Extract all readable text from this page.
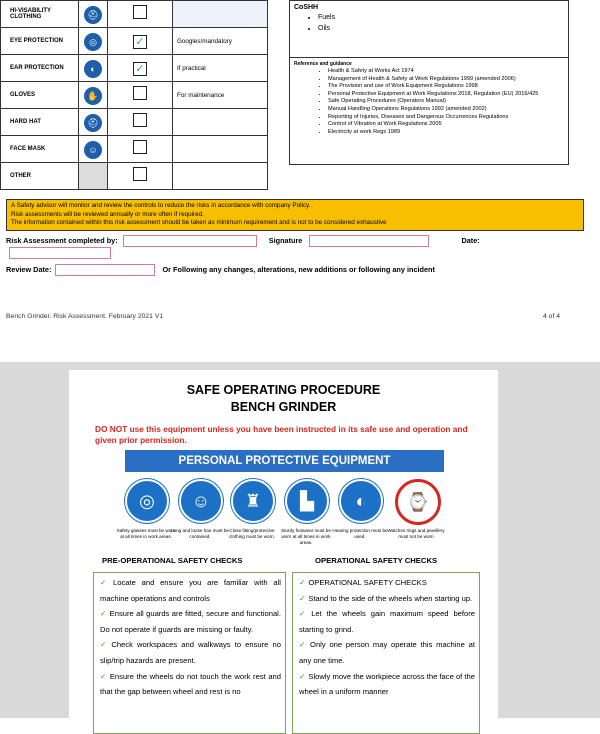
HI-VISABILITY CLOTHING	⛑		
EYE PROTECTION	◎	✓	Googles/mandatory
EAR PROTECTION	◐	✓	If practical
GLOVES	✋		For maintenance
HARD HAT	⛑		
FACE MASK	☺		
OTHER			
CoSHH
• Fuels
• Oils
Reference and guidance
• Health & Safety at Works Act 1974
• Management of Health & Safety at Work Regulations 1999 (amended 2006)
• The Provision and use of Work Equipment Regulations 1998
• Personal Protective Equipment at Work Regulations 2018, Regulation (EU) 2016/425
• Safe Operating Procedures (Operators Manual)
• Manual Handling Operations Regulations 1992 (amended 2002)
• Reporting of Injuries, Diseases and Dangerous Occurrences Regulations
• Control of Vibration at Work Regulations 2005
• Electricity at work Regs 1989
A Safety advisor will monitor and review the controls to reduce the risks in accordance with company Policy.
Risk assessments will be reviewed annually or more often if required.
The information contained within this risk assessment should be taken as minimum requirement and is not to be considered exhaustive
Risk Assessment completed by:	Signature	Date:
Review Date:	Or Following any changes, alterations, new additions or following any incident
Bench Grinder. Risk Assessment. February 2021 V1	4 of 4
SAFE OPERATING PROCEDURE
BENCH GRINDER
DO NOT use this equipment unless you have been instructed in its safe use and operation and given prior permission.
PERSONAL PROTECTIVE EQUIPMENT
◎
Safety glasses must be worn at all times in work areas.
☺
Long and loose hair must be contained.
♜
Close fitting/protective clothing must be worn.
▙
Sturdy footwear must be worn at all times in work areas.
◐
Hearing protection must be used.
⌚
Watches rings and jewellery must not be worn
PRE-OPERATIONAL SAFETY CHECKS	OPERATIONAL SAFETY CHECKS
✓ Locate and ensure you are familiar with all machine operations and controls
✓ Ensure all guards are fitted, secure and functional. Do not operate if guards are missing or faulty.
✓ Check workspaces and walkways to ensure no slip/trip hazards are present.
✓ Ensure the wheels do not touch the work rest and that the gap between wheel and rest is no
✓ OPERATIONAL SAFETY CHECKS
✓ Stand to the side of the wheels when starting up.
✓ Let the wheels gain maximum speed before starting to grind.
✓ Only one person may operate this machine at any one time.
✓ Slowly move the workpiece across the face of the wheel in a uniform manner
